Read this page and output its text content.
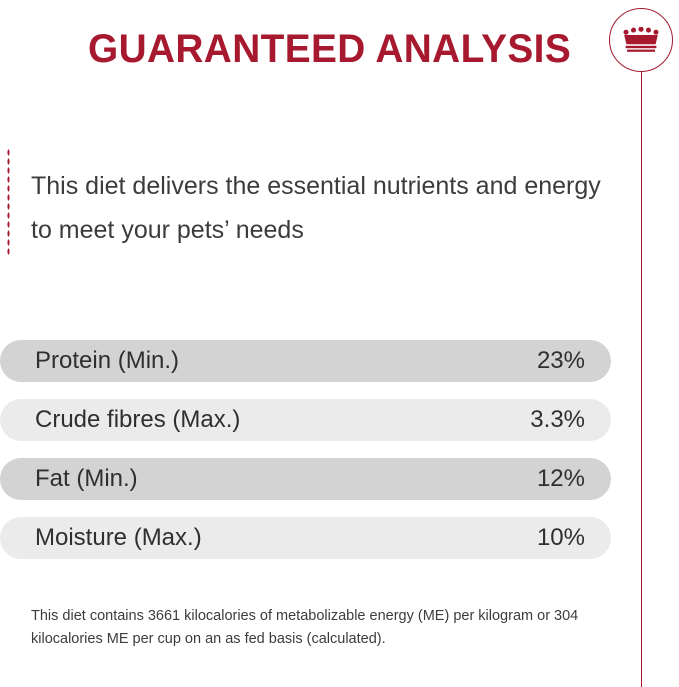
GUARANTEED ANALYSIS
This diet delivers the essential nutrients and energy to meet your pets’ needs
Protein (Min.)	23%
Crude fibres (Max.)	3.3%
Fat (Min.)	12%
Moisture (Max.)	10%
This diet contains 3661 kilocalories of metabolizable energy (ME) per kilogram or 304 kilocalories ME per cup on an as fed basis (calculated).
